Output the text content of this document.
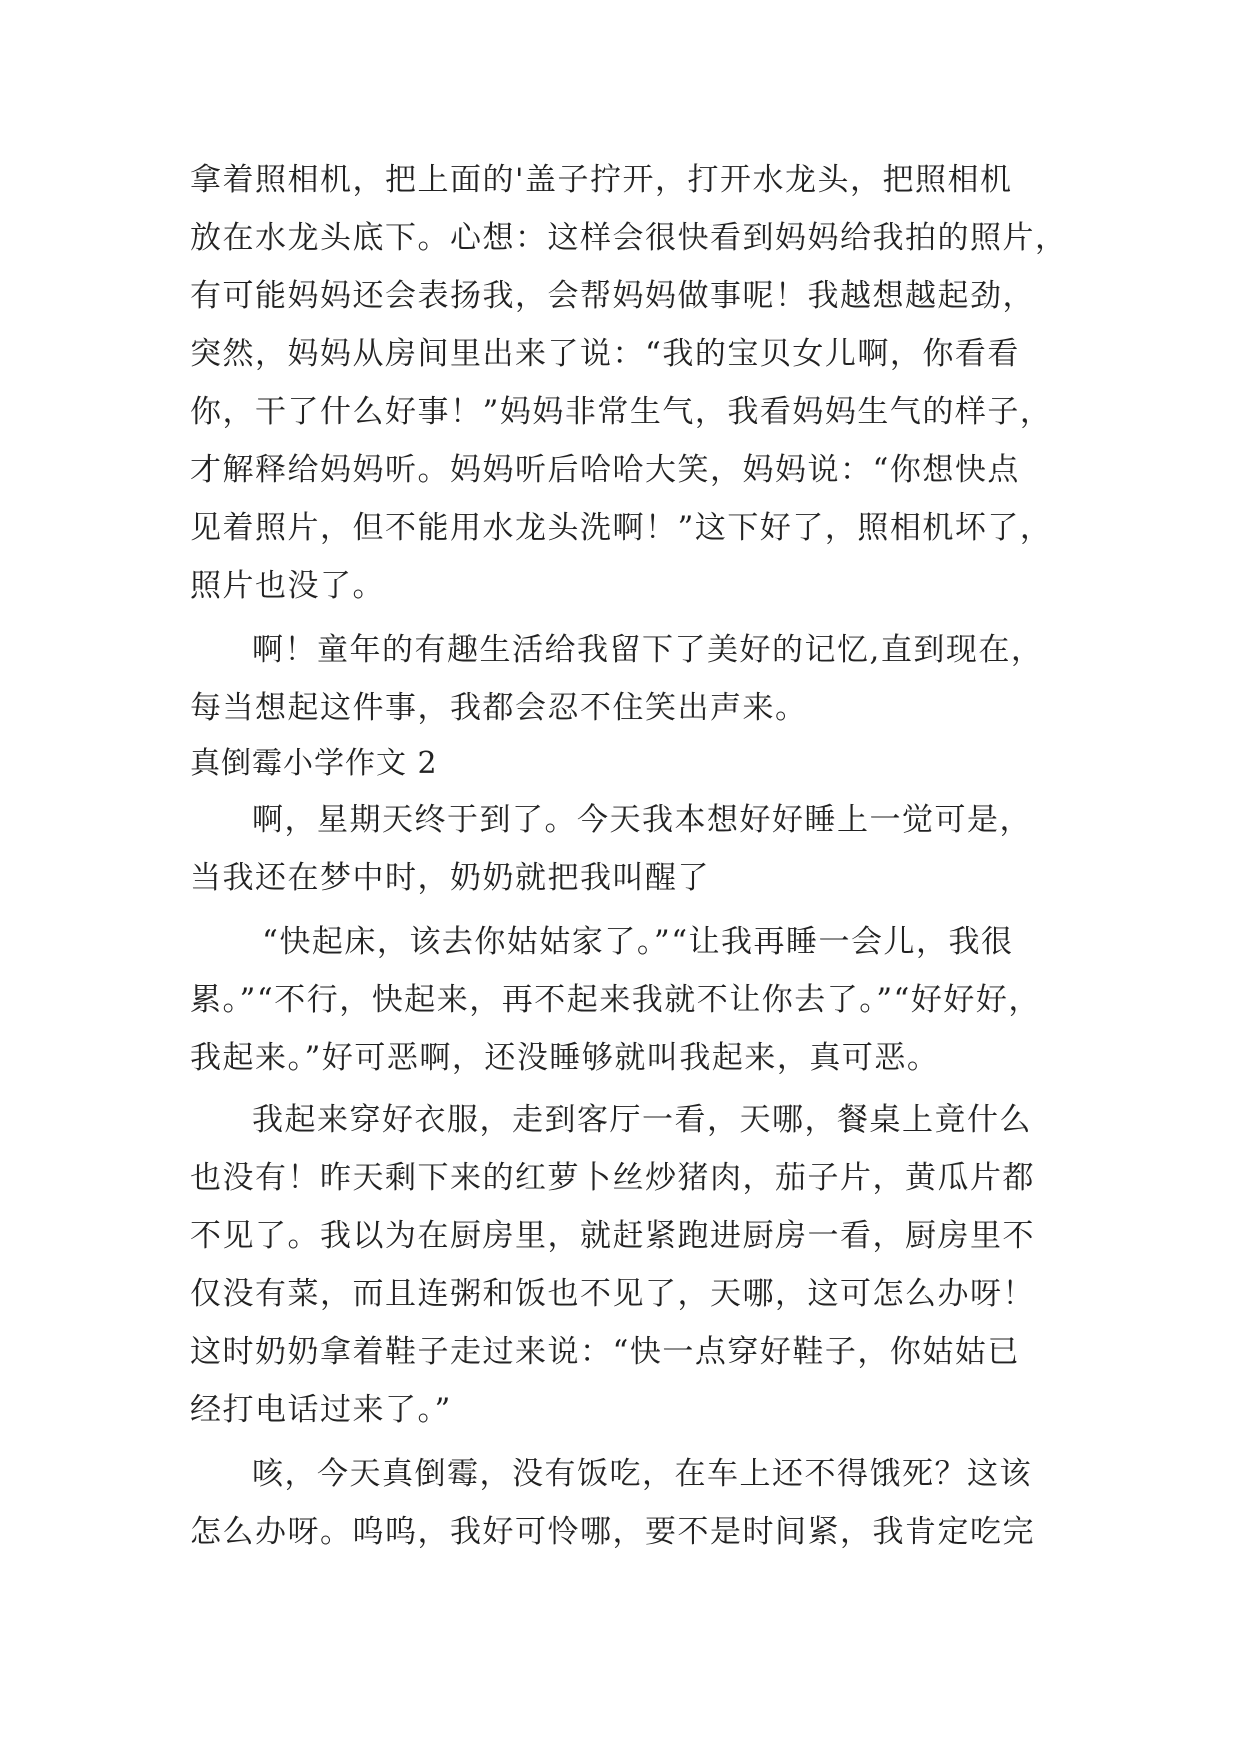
拿着照相机，把上面的'盖子拧开，打开水龙头，把照相机

放在水龙头底下。心想：这样会很快看到妈妈给我拍的照片，

有可能妈妈还会表扬我，会帮妈妈做事呢！我越想越起劲，

突然，妈妈从房间里出来了说：“我的宝贝女儿啊，你看看

你，干了什么好事！”妈妈非常生气，我看妈妈生气的样子，

才解释给妈妈听。妈妈听后哈哈大笑，妈妈说：“你想快点

见着照片，但不能用水龙头洗啊！”这下好了，照相机坏了，

照片也没了。

啊！童年的有趣生活给我留下了美好的记忆,直到现在，

每当想起这件事，我都会忍不住笑出声来。

真倒霉小学作文 2

啊，星期天终于到了。今天我本想好好睡上一觉可是，

当我还在梦中时，奶奶就把我叫醒了

“快起床，该去你姑姑家了。”“让我再睡一会儿，我很

累。”“不行，快起来，再不起来我就不让你去了。”“好好好，

我起来。”好可恶啊，还没睡够就叫我起来，真可恶。

我起来穿好衣服，走到客厅一看，天哪，餐桌上竟什么

也没有！昨天剩下来的红萝卜丝炒猪肉，茄子片，黄瓜片都

不见了。我以为在厨房里，就赶紧跑进厨房一看，厨房里不

仅没有菜，而且连粥和饭也不见了，天哪，这可怎么办呀！

这时奶奶拿着鞋子走过来说：“快一点穿好鞋子，你姑姑已

经打电话过来了。”

咳，今天真倒霉，没有饭吃，在车上还不得饿死？这该

怎么办呀。呜呜，我好可怜哪，要不是时间紧，我肯定吃完
